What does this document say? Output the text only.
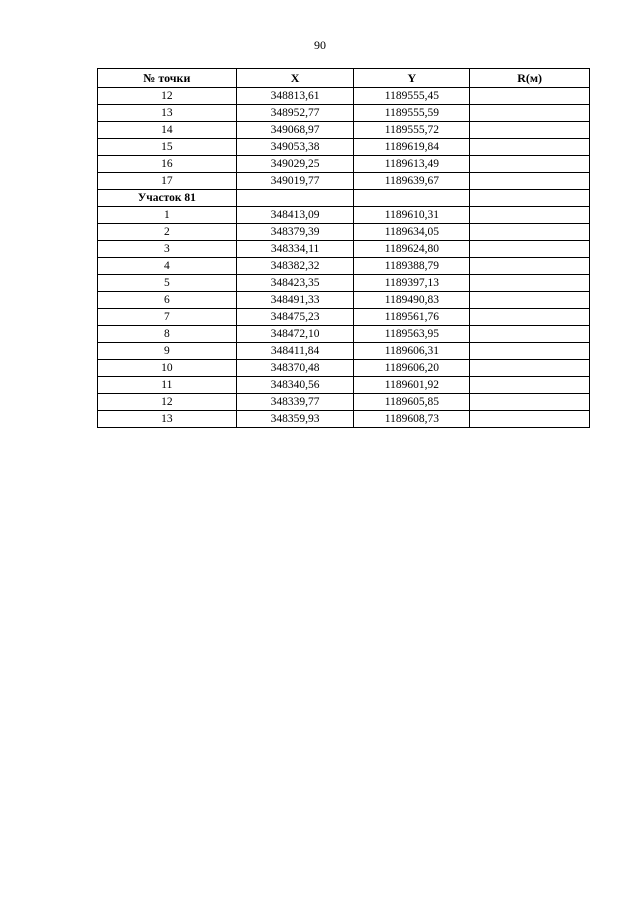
90
№ точки	X	Y	R(м)
12	348813,61	1189555,45	
13	348952,77	1189555,59	
14	349068,97	1189555,72	
15	349053,38	1189619,84	
16	349029,25	1189613,49	
17	349019,77	1189639,67	
Участок 81			
1	348413,09	1189610,31	
2	348379,39	1189634,05	
3	348334,11	1189624,80	
4	348382,32	1189388,79	
5	348423,35	1189397,13	
6	348491,33	1189490,83	
7	348475,23	1189561,76	
8	348472,10	1189563,95	
9	348411,84	1189606,31	
10	348370,48	1189606,20	
11	348340,56	1189601,92	
12	348339,77	1189605,85	
13	348359,93	1189608,73	
